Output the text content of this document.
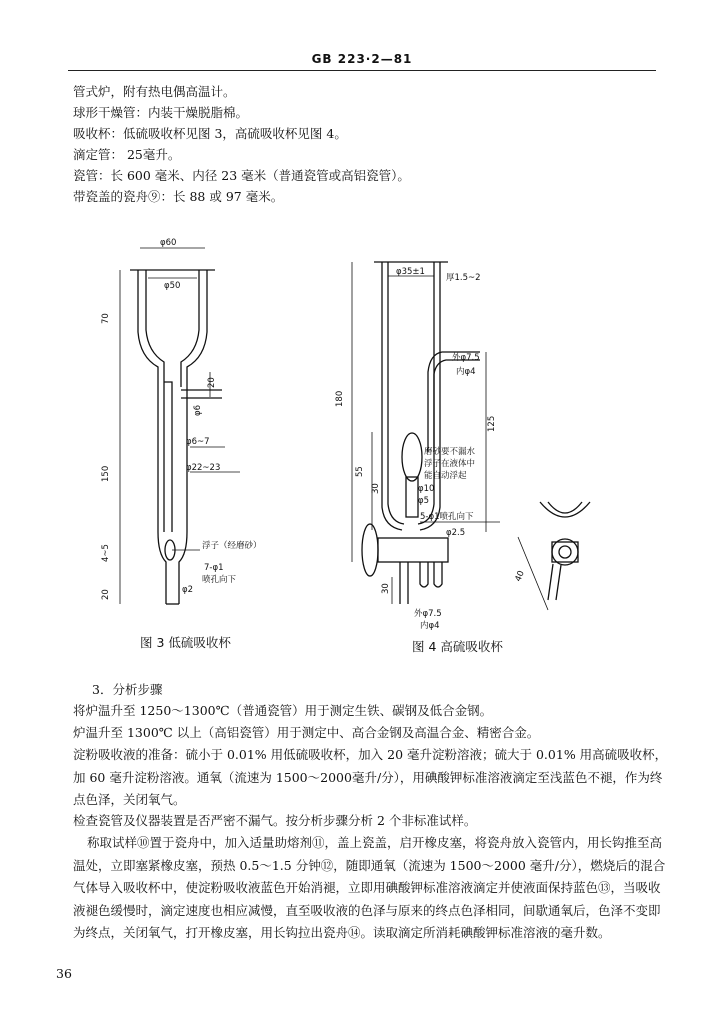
GB 223·2—81
管式炉，附有热电偶高温计。
球形干燥管：内装干燥脱脂棉。
吸收杯：低硫吸收杯见图 3，高硫吸收杯见图 4。
滴定管： 25毫升。
瓷管：长 600 毫米、内径 23 毫米（普通瓷管或高铝瓷管）。
带瓷盖的瓷舟⑨：长 88 或 97 毫米。
φ60
φ50
70
20
φ6
φ6~7
150	φ22~23
浮子（经磨砂）
4~5
7-φ1
喷孔向下
φ2
20
φ35±1
厚1.5~2
外φ7.5
内φ4
180
125
55
30
磨砂要不漏水
浮子在液体中
能自动浮起
φ10
φ5
5-φ1喷孔向下
φ2.5
30
外φ7.5
内φ4
40
图 3 低硫吸收杯	图 4 高硫吸收杯
3．分析步骤
将炉温升至 1250～1300℃（普通瓷管）用于测定生铁、碳钢及低合金钢。
炉温升至 1300℃ 以上（高铝瓷管）用于测定中、高合金钢及高温合金、精密合金。
淀粉吸收液的准备：硫小于 0.01% 用低硫吸收杯，加入 20 毫升淀粉溶液；硫大于 0.01% 用高硫吸收杯，加 60 毫升淀粉溶液。通氧（流速为 1500～2000毫升/分），用碘酸钾标准溶液滴定至浅蓝色不褪，作为终点色泽，关闭氧气。
检查瓷管及仪器装置是否严密不漏气。按分析步骤分析 2 个非标准试样。
称取试样⑩置于瓷舟中，加入适量助熔剂⑪，盖上瓷盖，启开橡皮塞，将瓷舟放入瓷管内，用长钩推至高温处，立即塞紧橡皮塞，预热 0.5～1.5 分钟⑫，随即通氧（流速为 1500～2000 毫升/分），燃烧后的混合气体导入吸收杯中，使淀粉吸收液蓝色开始消褪，立即用碘酸钾标准溶液滴定并使液面保持蓝色⑬，当吸收液褪色缓慢时，滴定速度也相应减慢，直至吸收液的色泽与原来的终点色泽相同，间歇通氧后，色泽不变即为终点，关闭氧气，打开橡皮塞，用长钩拉出瓷舟⑭。读取滴定所消耗碘酸钾标准溶液的毫升数。
36
